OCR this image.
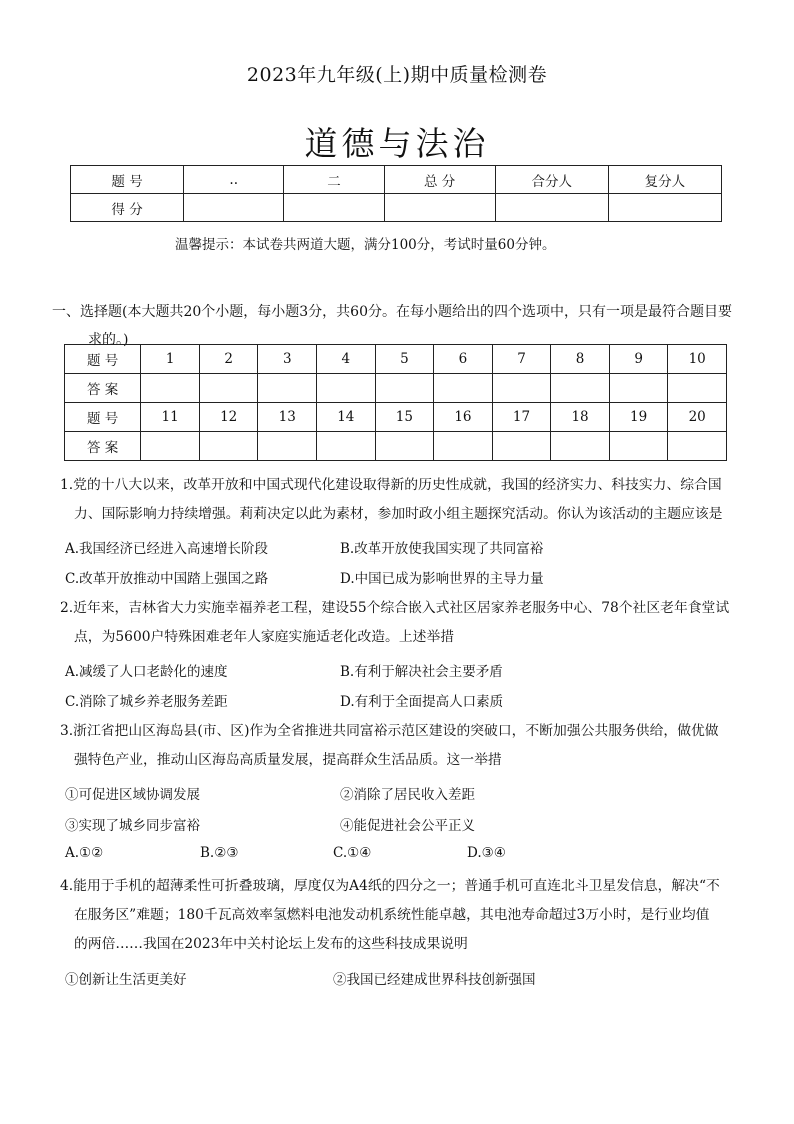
2023年九年级(上)期中质量检测卷
道德与法治
题 号	..	二	总 分	合分人	复分人
得 分					
温馨提示：本试卷共两道大题，满分100分，考试时量60分钟。
一、选择题(本大题共20个小题，每小题3分，共60分。在每小题给出的四个选项中，只有一项是最符合题目要
求的。)
题 号	1	2	3	4	5	6	7	8	9	10
答 案										
题 号	11	12	13	14	15	16	17	18	19	20
答 案										
1.党的十八大以来，改革开放和中国式现代化建设取得新的历史性成就，我国的经济实力、科技实力、综合国
力、国际影响力持续增强。莉莉决定以此为素材，参加时政小组主题探究活动。你认为该活动的主题应该是
A.我国经济已经进入高速增长阶段	B.改革开放使我国实现了共同富裕
C.改革开放推动中国踏上强国之路	D.中国已成为影响世界的主导力量
2.近年来，吉林省大力实施幸福养老工程，建设55个综合嵌入式社区居家养老服务中心、78个社区老年食堂试
点，为5600户特殊困难老年人家庭实施适老化改造。上述举措
A.减缓了人口老龄化的速度	B.有利于解决社会主要矛盾
C.消除了城乡养老服务差距	D.有利于全面提高人口素质
3.浙江省把山区海岛县(市、区)作为全省推进共同富裕示范区建设的突破口，不断加强公共服务供给，做优做
强特色产业，推动山区海岛高质量发展，提高群众生活品质。这一举措
①可促进区域协调发展	②消除了居民收入差距
③实现了城乡同步富裕	④能促进社会公平正义
A.①②	B.②③	C.①④	D.③④
4.能用于手机的超薄柔性可折叠玻璃，厚度仅为A4纸的四分之一；普通手机可直连北斗卫星发信息，解决“不
在服务区”难题；180千瓦高效率氢燃料电池发动机系统性能卓越，其电池寿命超过3万小时，是行业均值
的两倍……我国在2023年中关村论坛上发布的这些科技成果说明
①创新让生活更美好	②我国已经建成世界科技创新强国
